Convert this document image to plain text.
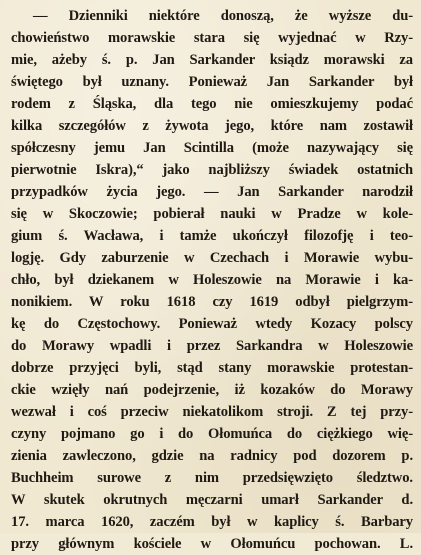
— Dzienniki niektóre donoszą, że wyższe du-
chowieństwo morawskie stara się wyjednać w Rzy-
mie, ażeby ś. p. Jan Sarkander ksiądz morawski za
świętego był uznany. Ponieważ Jan Sarkander był
rodem z Śląska, dla tego nie omieszkujemy podać
kilka szczegółów z żywota jego, które nam zostawił
spółczesny jemu Jan Scintilla (może nazywający się
pierwotnie Iskra),“ jako najbliższy świadek ostatnich
przypadków życia jego. — Jan Sarkander narodził
się w Skoczowie; pobierał nauki w Pradze w kole-
gium ś. Wacława, i tamże ukończył filozofję i teo-
logję. Gdy zaburzenie w Czechach i Morawie wybu-
chło, był dziekanem w Holeszowie na Morawie i ka-
nonikiem. W roku 1618 czy 1619 odbył pielgrzym-
kę do Częstochowy. Ponieważ wtedy Kozacy polscy
do Morawy wpadli i przez Sarkandra w Holeszowie
dobrze przyjęci byli, stąd stany morawskie protestan-
ckie wzięły nań podejrzenie, iż kozaków do Morawy
wezwał i coś przeciw niekatolikom stroji. Z tej przy-
czyny pojmano go i do Ołomuńca do ciężkiego wię-
zienia zawleczono, gdzie na radnicy pod dozorem p.
Buchheim surowe z nim przedsięwzięto śledztwo.
W skutek okrutnych męczarni umarł Sarkander d.
17. marca 1620, zaczém był w kaplicy ś. Barbary
przy głównym kościele w Ołomuńcu pochowan. L.
